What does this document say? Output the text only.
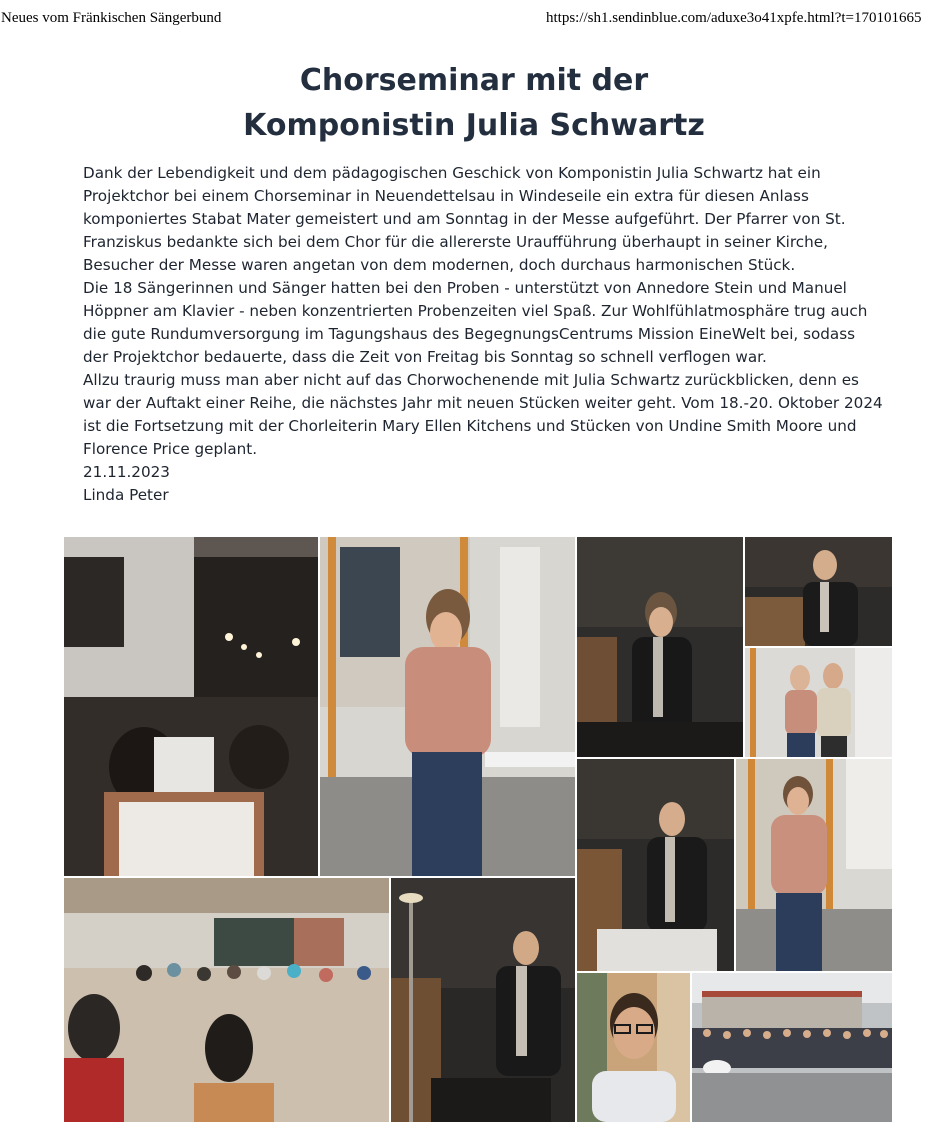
Neues vom Fränkischen Sängerbund	https://sh1.sendinblue.com/aduxe3o41xpfe.html?t=170101665
Chorseminar mit der
Komponistin Julia Schwartz

Dank der Lebendigkeit und dem pädagogischen Geschick von Komponistin Julia Schwartz hat ein Projektchor bei einem Chorseminar in Neuendettelsau in Windeseile ein extra für diesen Anlass komponiertes Stabat Mater gemeistert und am Sonntag in der Messe aufgeführt. Der Pfarrer von St. Franziskus bedankte sich bei dem Chor für die allererste Uraufführung überhaupt in seiner Kirche, Besucher der Messe waren angetan von dem modernen, doch durchaus harmonischen Stück.

Die 18 Sängerinnen und Sänger hatten bei den Proben - unterstützt von Annedore Stein und Manuel Höppner am Klavier - neben konzentrierten Probenzeiten viel Spaß. Zur Wohlfühlatmosphäre trug auch die gute Rundumversorgung im Tagungshaus des BegegnungsCentrums Mission EineWelt bei, sodass der Projektchor bedauerte, dass die Zeit von Freitag bis Sonntag so schnell verflogen war.

Allzu traurig muss man aber nicht auf das Chorwochenende mit Julia Schwartz zurückblicken, denn es war der Auftakt einer Reihe, die nächstes Jahr mit neuen Stücken weiter geht. Vom 18.-20. Oktober 2024 ist die Fortsetzung mit der Chorleiterin Mary Ellen Kitchens und Stücken von Undine Smith Moore und Florence Price geplant.

21.11.2023

Linda Peter
